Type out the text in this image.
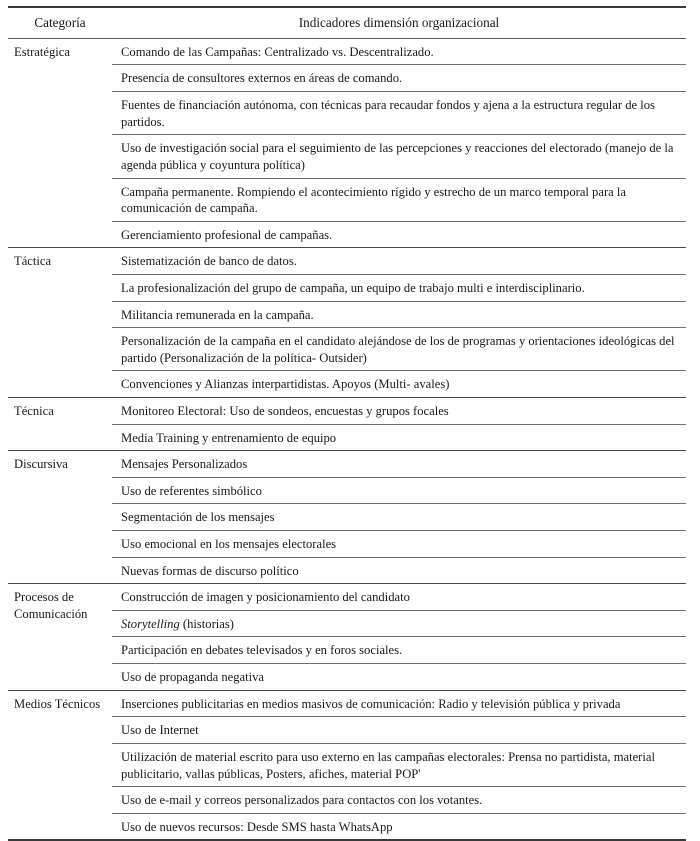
Categoría	Indicadores dimensión organizacional
Estratégica	Comando de las Campañas: Centralizado vs. Descentralizado.
	Presencia de consultores externos en áreas de comando.
	Fuentes de financiación autónoma, con técnicas para recaudar fondos y ajena a la estructura regular de los partidos.
	Uso de investigación social para el seguimiento de las percepciones y reacciones del electorado (manejo de la agenda pública y coyuntura política)
	Campaña permanente. Rompiendo el acontecimiento rígido y estrecho de un marco temporal para la comunicación de campaña.
	Gerenciamiento profesional de campañas.
Táctica	Sistematización de banco de datos.
	La profesionalización del grupo de campaña, un equipo de trabajo multi e interdisciplinario.
	Militancia remunerada en la campaña.
	Personalización de la campaña en el candidato alejándose de los de programas y orientaciones ideológicas del partido (Personalización de la política- Outsider)
	Convenciones y Alianzas interpartidistas. Apoyos (Multi- avales)
Técnica	Monitoreo Electoral: Uso de sondeos, encuestas y grupos focales
	Media Training y entrenamiento de equipo
Discursiva	Mensajes Personalizados
	Uso de referentes simbólico
	Segmentación de los mensajes
	Uso emocional en los mensajes electorales
	Nuevas formas de discurso político
Procesos de Comunicación	Construcción de imagen y posicionamiento del candidato
	Storytelling (historias)
	Participación en debates televisados y en foros sociales.
	Uso de propaganda negativa
Medios Técnicos	Inserciones publicitarias en medios masivos de comunicación: Radio y televisión pública y privada
	Uso de Internet
	Utilización de material escrito para uso externo en las campañas electorales: Prensa no partidista, material publicitario, vallas públicas, Posters, afiches, material POP'
	Uso de e-mail y correos personalizados para contactos con los votantes.
	Uso de nuevos recursos: Desde SMS hasta WhatsApp
